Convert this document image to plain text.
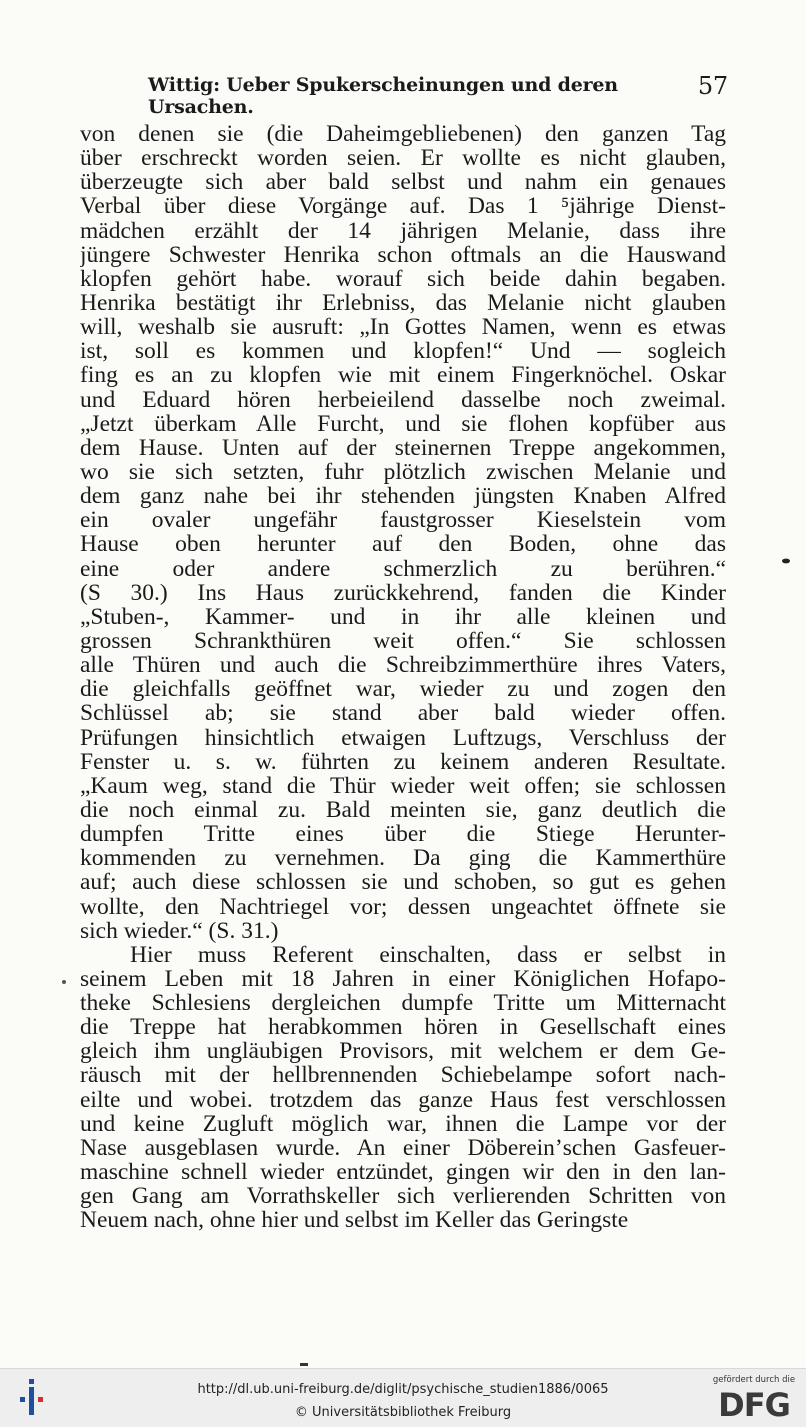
Wittig: Ueber Spukerscheinungen und deren Ursachen.
57
von denen sie (die Daheimgebliebenen) den ganzen Tag
über erschreckt worden seien. Er wollte es nicht glauben,
überzeugte sich aber bald selbst und nahm ein genaues
Verbal über diese Vorgänge auf. Das 1 ⁵jährige Dienst-
mädchen erzählt der 14 jährigen Melanie, dass ihre
jüngere Schwester Henrika schon oftmals an die Hauswand
klopfen gehört habe. worauf sich beide dahin begaben.
Henrika bestätigt ihr Erlebniss, das Melanie nicht glauben
will, weshalb sie ausruft: „In Gottes Namen, wenn es etwas
ist, soll es kommen und klopfen!“ Und — sogleich
fing es an zu klopfen wie mit einem Fingerknöchel. Oskar
und Eduard hören herbeieilend dasselbe noch zweimal.
„Jetzt überkam Alle Furcht, und sie flohen kopfüber aus
dem Hause. Unten auf der steinernen Treppe angekommen,
wo sie sich setzten, fuhr plötzlich zwischen Melanie und
dem ganz nahe bei ihr stehenden jüngsten Knaben Alfred
ein ovaler ungefähr faustgrosser Kieselstein vom
Hause oben herunter auf den Boden, ohne das
eine oder andere schmerzlich zu berühren.“
(S 30.) Ins Haus zurückkehrend, fanden die Kinder
„Stuben-, Kammer- und in ihr alle kleinen und
grossen Schrankthüren weit offen.“ Sie schlossen
alle Thüren und auch die Schreibzimmerthüre ihres Vaters,
die gleichfalls geöffnet war, wieder zu und zogen den
Schlüssel ab; sie stand aber bald wieder offen.
Prüfungen hinsichtlich etwaigen Luftzugs, Verschluss der
Fenster u. s. w. führten zu keinem anderen Resultate.
„Kaum weg, stand die Thür wieder weit offen; sie schlossen
die noch einmal zu. Bald meinten sie, ganz deutlich die
dumpfen Tritte eines über die Stiege Herunter-
kommenden zu vernehmen. Da ging die Kammerthüre
auf; auch diese schlossen sie und schoben, so gut es gehen
wollte, den Nachtriegel vor; dessen ungeachtet öffnete sie
sich wieder.“ (S. 31.)
Hier muss Referent einschalten, dass er selbst in
seinem Leben mit 18 Jahren in einer Königlichen Hofapo-
theke Schlesiens dergleichen dumpfe Tritte um Mitternacht
die Treppe hat herabkommen hören in Gesellschaft eines
gleich ihm ungläubigen Provisors, mit welchem er dem Ge-
räusch mit der hellbrennenden Schiebelampe sofort nach-
eilte und wobei. trotzdem das ganze Haus fest verschlossen
und keine Zugluft möglich war, ihnen die Lampe vor der
Nase ausgeblasen wurde. An einer Döbereinʼschen Gasfeuer-
maschine schnell wieder entzündet, gingen wir den in den lan-
gen Gang am Vorrathskeller sich verlierenden Schritten von
Neuem nach, ohne hier und selbst im Keller das Geringste
http://dl.ub.uni-freiburg.de/diglit/psychische_studien1886/0065
© Universitätsbibliothek Freiburg
gefördert durch die
DFG
